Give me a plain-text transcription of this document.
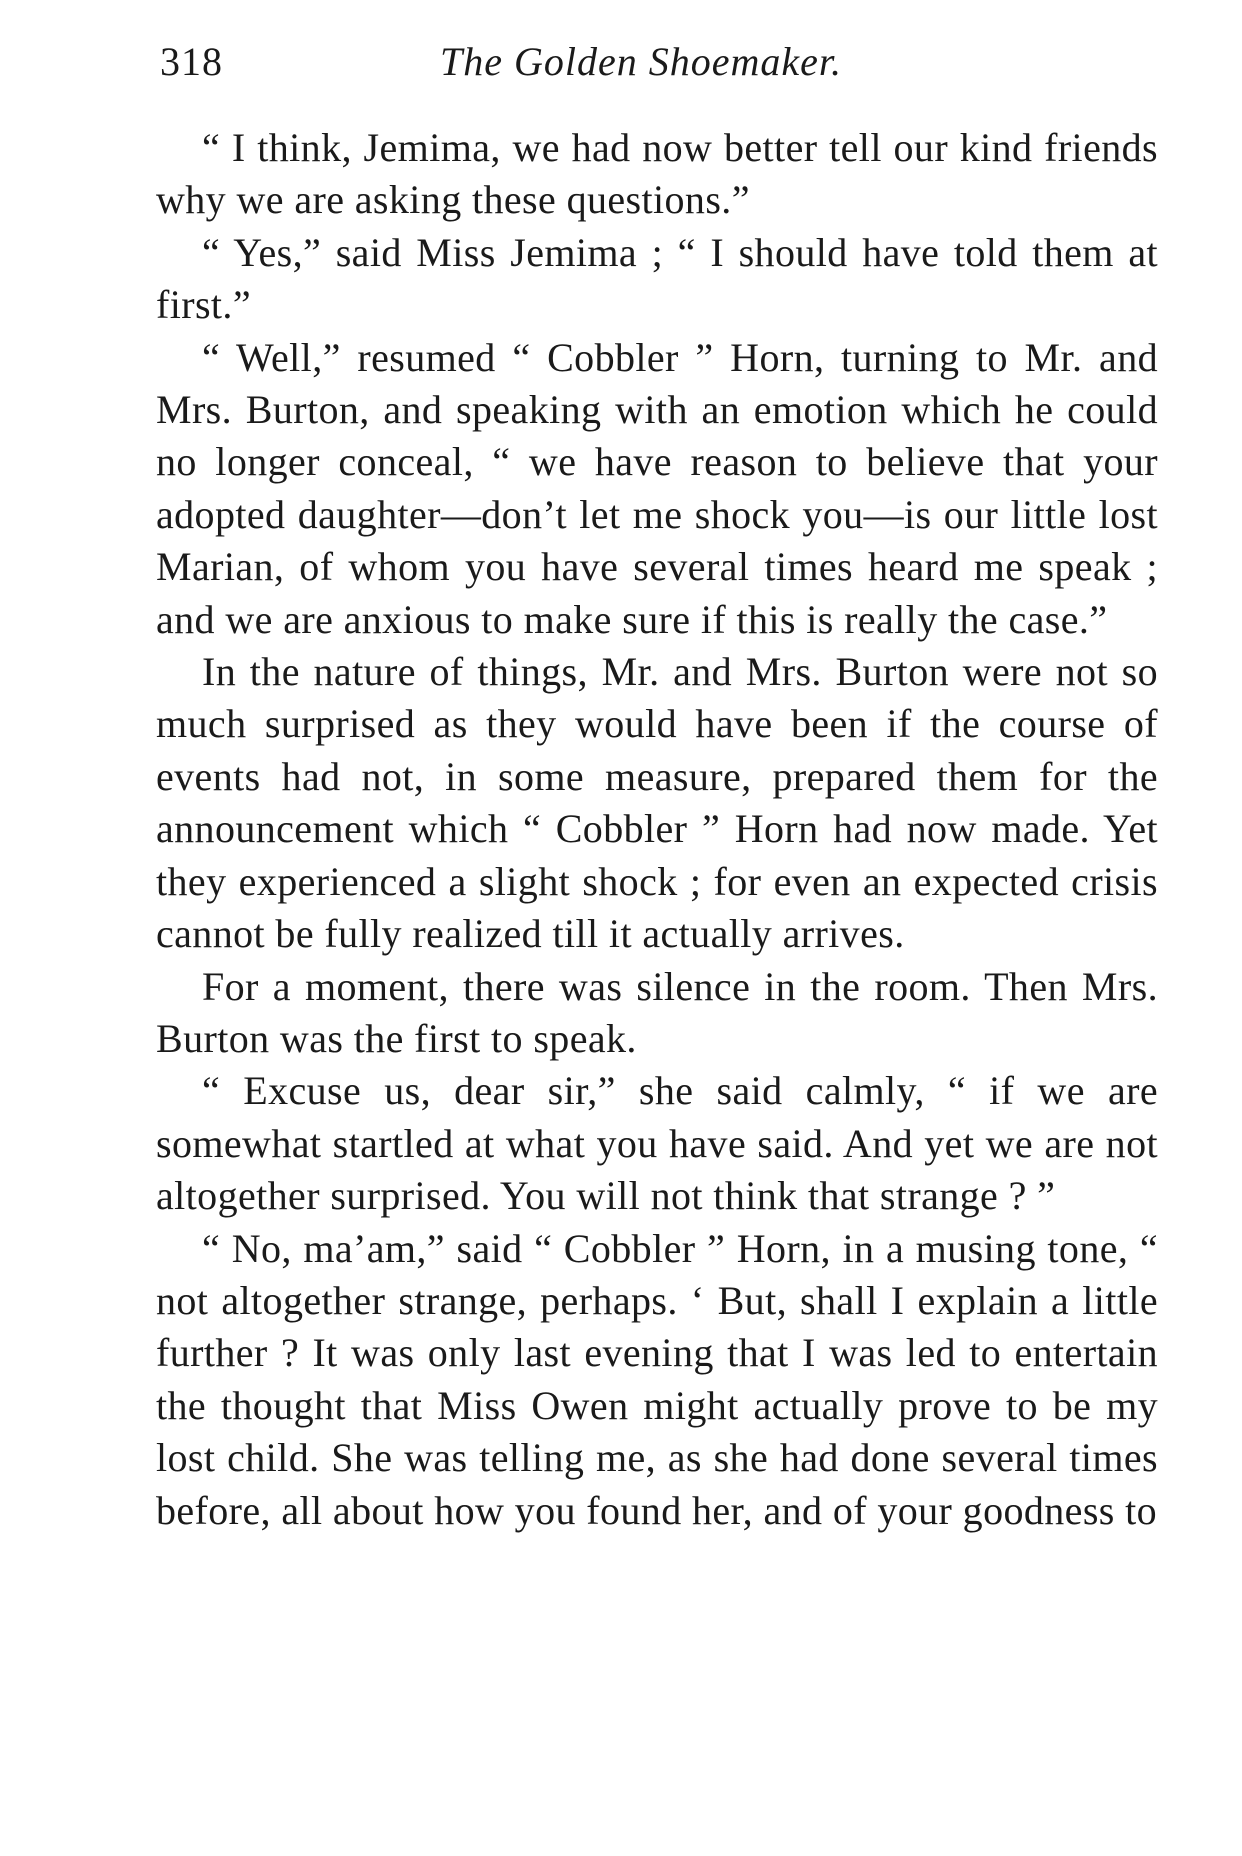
318	The Golden Shoemaker.

“ I think, Jemima, we had now better tell our kind friends why we are asking these questions.”

“ Yes,” said Miss Jemima ; “ I should have told them at first.”

“ Well,” resumed “ Cobbler ” Horn, turning to Mr. and Mrs. Burton, and speaking with an emotion which he could no longer conceal, “ we have reason to believe that your adopted daughter—don’t let me shock you—is our little lost Marian, of whom you have several times heard me speak ; and we are anxious to make sure if this is really the case.”

In the nature of things, Mr. and Mrs. Burton were not so much surprised as they would have been if the course of events had not, in some measure, prepared them for the announcement which “ Cobbler ” Horn had now made. Yet they experienced a slight shock ; for even an expected crisis cannot be fully realized till it actually arrives.

For a moment, there was silence in the room. Then Mrs. Burton was the first to speak.

“ Excuse us, dear sir,” she said calmly, “ if we are somewhat startled at what you have said. And yet we are not altogether surprised. You will not think that strange ? ”

“ No, ma’am,” said “ Cobbler ” Horn, in a musing tone, “ not altogether strange, perhaps. ‘ But, shall I explain a little further ? It was only last evening that I was led to entertain the thought that Miss Owen might actually prove to be my lost child. She was telling me, as she had done several times before, all about how you found her, and of your goodness to
